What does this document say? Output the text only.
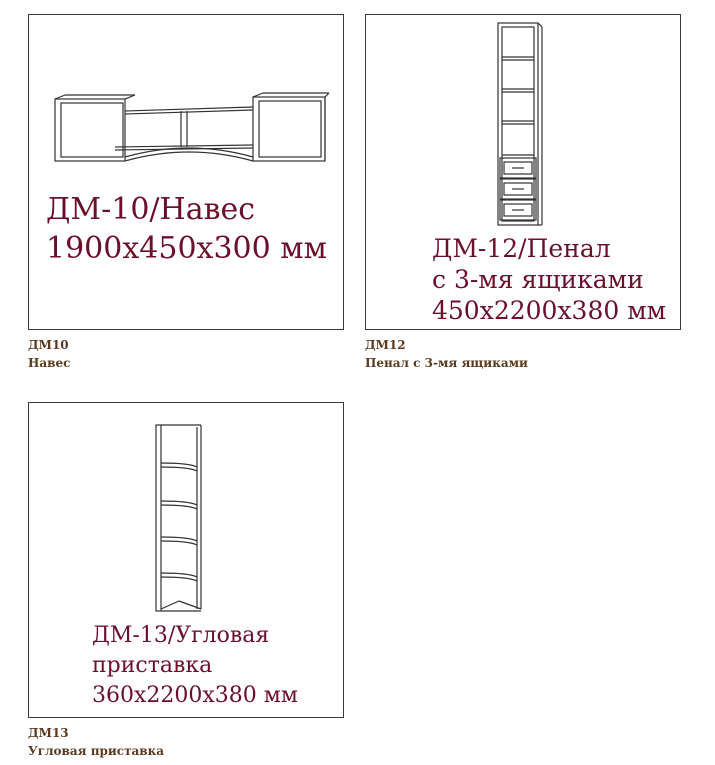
ДМ-10/Навес
1900x450x300 мм
ДМ10
Навес
ДМ-12/Пенал
с 3-мя ящиками
450x2200x380 мм
ДМ12
Пенал с 3-мя ящиками
ДМ-13/Угловая
приставка
360x2200x380 мм
ДМ13
Угловая приставка
